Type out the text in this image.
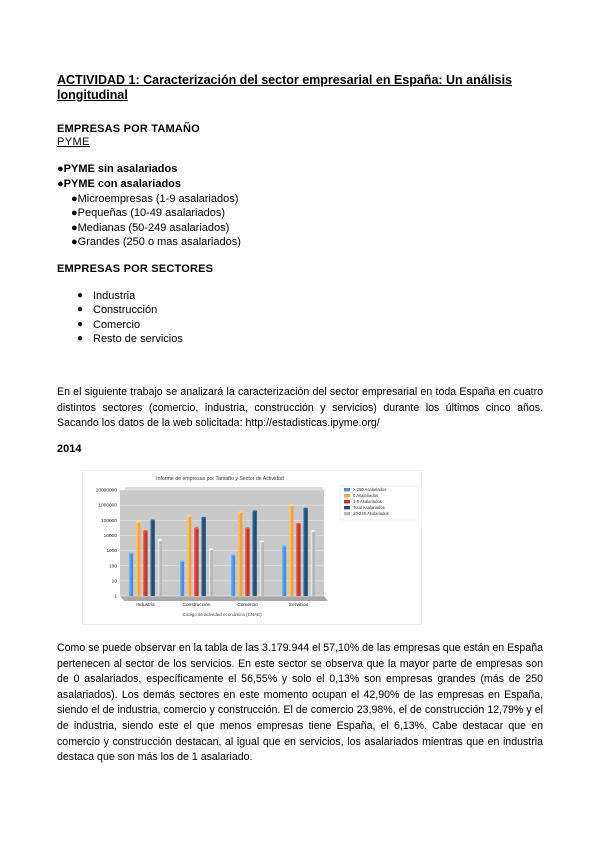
ACTIVIDAD 1: Caracterización del sector empresarial en España: Un análisis longitudinal
EMPRESAS POR TAMAÑO
PYME
●PYME sin asalariados
●PYME con asalariados
●Microempresas (1-9 asalariados)
●Pequeñas (10-49 asalariados)
●Medianas (50-249 asalariados)
●Grandes (250 o mas asalariados)
EMPRESAS POR SECTORES
● Industria
● Construcción
● Comercio
● Resto de servicios
En el siguiente trabajo se analizará la caracterización del sector empresarial en toda España en cuatro distintos sectores (comercio, industria, construcción y servicios) durante los últimos cinco años. Sacando los datos de la web solicitada: http://estadisticas.ipyme.org/
2014
Informe de empresas por Tamaño y Sector de Actividad
10000000
1000000
100000
10000
1000
100
10
1
Industria	Construcción	Comercio	Servicios
Código de actividad económica (CNAE)
> 250 Asalariados
0 Asalariados
1-9 Asalariados
Total Asalariados
10-249 Asalariados
Como se puede observar en la tabla de las 3.179.944 el 57,10% de las empresas que están en España pertenecen al sector de los servicios. En este sector se observa que la mayor parte de empresas son de 0 asalariados, específicamente el 56,55% y solo el 0,13% son empresas grandes (más de 250 asalariados). Los demás sectores en este momento ocupan el 42,90% de las empresas en España, siendo el de industria, comercio y construcción. El de comercio 23,98%, el de construcción 12,79% y el de industria, siendo este el que menos empresas tiene España, el 6,13%. Cabe destacar que en comercio y construcción destacan, al igual que en servicios, los asalariados mientras que en industria destaca que son más los de 1 asalariado.
